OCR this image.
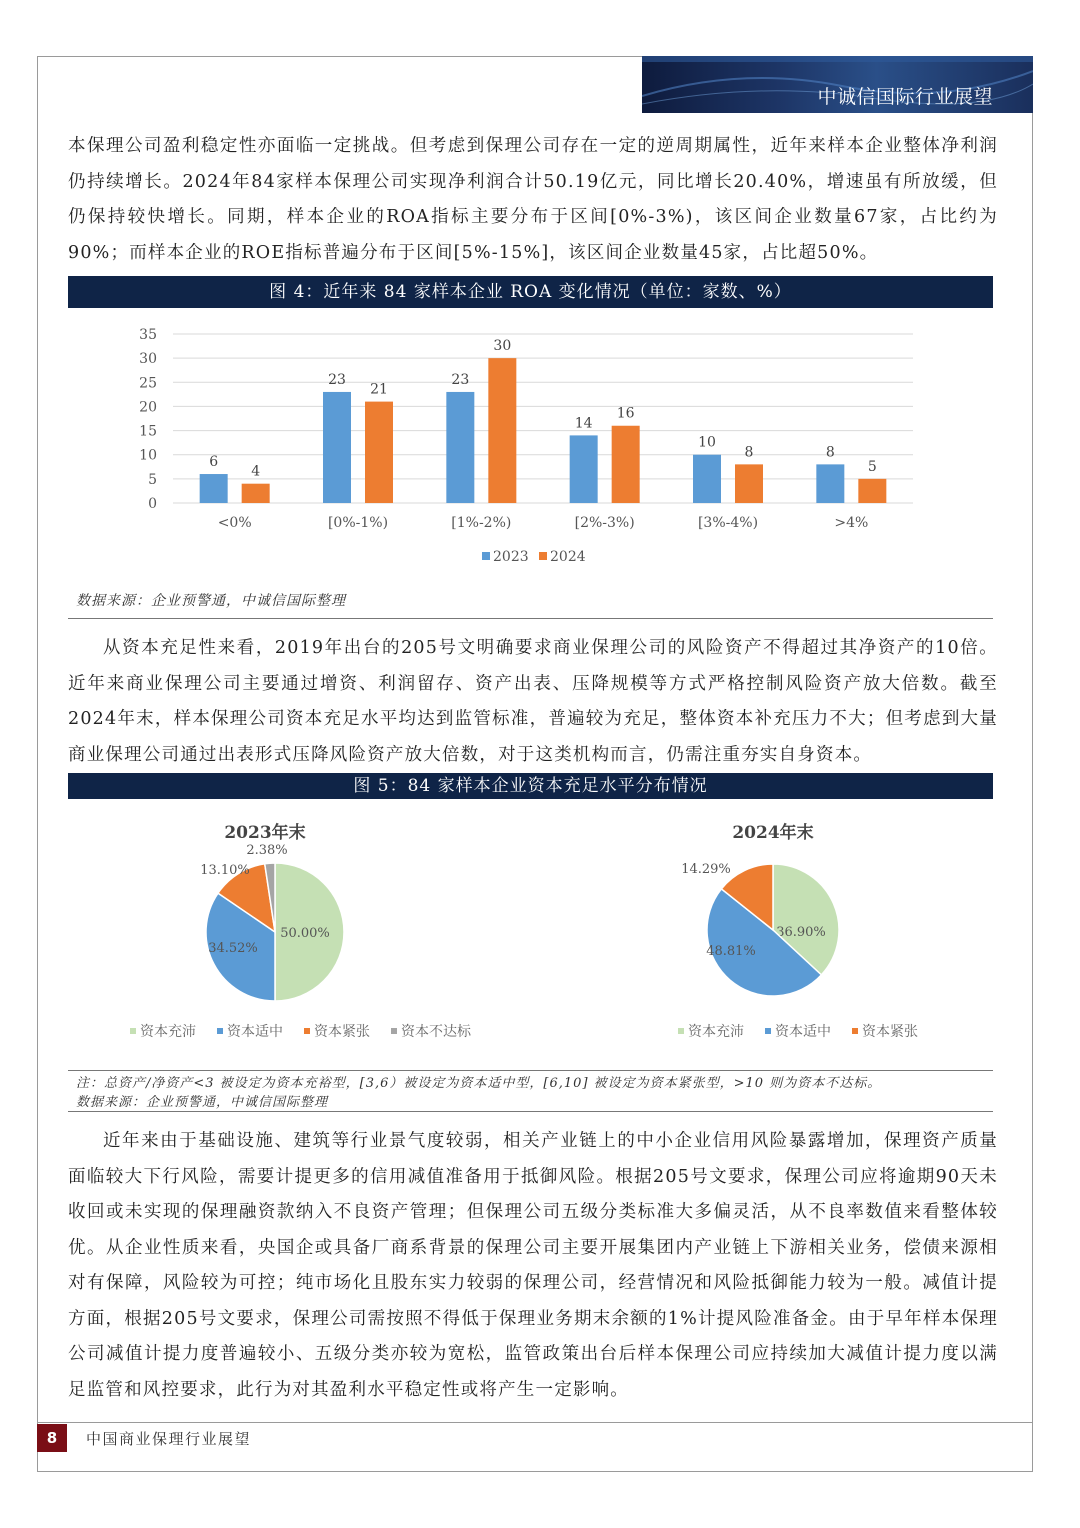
中诚信国际行业展望
本保理公司盈利稳定性亦面临一定挑战。但考虑到保理公司存在一定的逆周期属性，近年来样本企业整体净利润仍持续增长。2024年84家样本保理公司实现净利润合计50.19亿元，同比增长20.40%，增速虽有所放缓，但仍保持较快增长。同期，样本企业的ROA指标主要分布于区间[0%-3%)，该区间企业数量67家，占比约为90%；而样本企业的ROE指标普遍分布于区间[5%-15%]，该区间企业数量45家，占比超50%。
图 4：近年来 84 家样本企业 ROA 变化情况（单位：家数、%）
0
5
10
15
20
25
30
35
6
4
<0%
23
21
[0%-1%)
23
30
[1%-2%)
14
16
[2%-3%)
10
8
[3%-4%)
8
5
>4%
2023 2024
数据来源：企业预警通，中诚信国际整理
从资本充足性来看，2019年出台的205号文明确要求商业保理公司的风险资产不得超过其净资产的10倍。近年来商业保理公司主要通过增资、利润留存、资产出表、压降规模等方式严格控制风险资产放大倍数。截至2024年末，样本保理公司资本充足水平均达到监管标准，普遍较为充足，整体资本补充压力不大；但考虑到大量商业保理公司通过出表形式压降风险资产放大倍数，对于这类机构而言，仍需注重夯实自身资本。
图 5：84 家样本企业资本充足水平分布情况
2023年末
50.00%
34.52%
13.10%
2.38%
资本充沛 资本适中 资本紧张 资本不达标
2024年末
36.90%
48.81%
14.29%
资本充沛 资本适中 资本紧张
注：总资产/净资产<3 被设定为资本充裕型，[3,6）被设定为资本适中型，[6,10] 被设定为资本紧张型，>10 则为资本不达标。
数据来源：企业预警通，中诚信国际整理
近年来由于基础设施、建筑等行业景气度较弱，相关产业链上的中小企业信用风险暴露增加，保理资产质量面临较大下行风险，需要计提更多的信用减值准备用于抵御风险。根据205号文要求，保理公司应将逾期90天未收回或未实现的保理融资款纳入不良资产管理；但保理公司五级分类标准大多偏灵活，从不良率数值来看整体较优。从企业性质来看，央国企或具备厂商系背景的保理公司主要开展集团内产业链上下游相关业务，偿债来源相对有保障，风险较为可控；纯市场化且股东实力较弱的保理公司，经营情况和风险抵御能力较为一般。减值计提方面，根据205号文要求，保理公司需按照不得低于保理业务期末余额的1%计提风险准备金。由于早年样本保理公司减值计提力度普遍较小、五级分类亦较为宽松，监管政策出台后样本保理公司应持续加大减值计提力度以满足监管和风控要求，此行为对其盈利水平稳定性或将产生一定影响。
8	中国商业保理行业展望
